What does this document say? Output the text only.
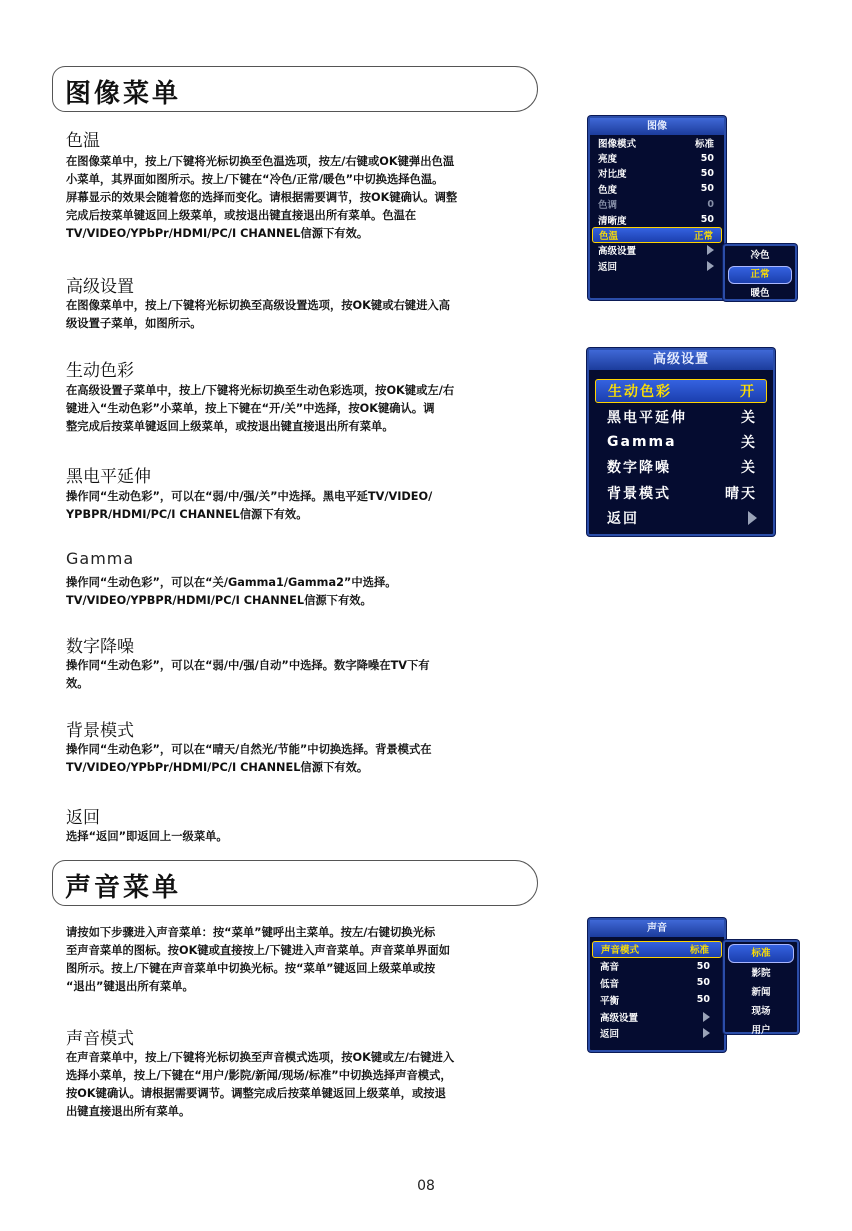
图像菜单
色温
在图像菜单中，按上/下键将光标切换至色温选项，按左/右键或OK键弹出色温
小菜单，其界面如图所示。按上/下键在“冷色/正常/暖色”中切换选择色温。
屏幕显示的效果会随着您的选择而变化。请根据需要调节，按OK键确认。调整
完成后按菜单键返回上级菜单，或按退出键直接退出所有菜单。色温在
TV/VIDEO/YPbPr/HDMI/PC/I CHANNEL信源下有效。
高级设置
在图像菜单中，按上/下键将光标切换至高级设置选项，按OK键或右键进入高
级设置子菜单，如图所示。
生动色彩
在高级设置子菜单中，按上/下键将光标切换至生动色彩选项，按OK键或左/右
键进入“生动色彩”小菜单，按上下键在“开/关”中选择，按OK键确认。调
整完成后按菜单键返回上级菜单，或按退出键直接退出所有菜单。
黑电平延伸
操作同“生动色彩”，可以在“弱/中/强/关”中选择。黑电平延TV/VIDEO/
YPBPR/HDMI/PC/I CHANNEL信源下有效。
Gamma
操作同“生动色彩”，可以在“关/Gamma1/Gamma2”中选择。
TV/VIDEO/YPBPR/HDMI/PC/I CHANNEL信源下有效。
数字降噪
操作同“生动色彩”，可以在“弱/中/强/自动”中选择。数字降噪在TV下有
效。
背景模式
操作同“生动色彩”，可以在“晴天/自然光/节能”中切换选择。背景模式在
TV/VIDEO/YPbPr/HDMI/PC/I CHANNEL信源下有效。
返回
选择“返回”即返回上一级菜单。
声音菜单
请按如下步骤进入声音菜单：按“菜单”键呼出主菜单。按左/右键切换光标
至声音菜单的图标。按OK键或直接按上/下键进入声音菜单。声音菜单界面如
图所示。按上/下键在声音菜单中切换光标。按“菜单”键返回上级菜单或按
“退出”键退出所有菜单。
声音模式
在声音菜单中，按上/下键将光标切换至声音模式选项，按OK键或左/右键进入
选择小菜单，按上/下键在“用户/影院/新闻/现场/标准”中切换选择声音模式，
按OK键确认。请根据需要调节。调整完成后按菜单键返回上级菜单，或按退
出键直接退出所有菜单。
图像
图像模式	标准
亮度	50
对比度	50
色度	50
色调	0
清晰度	50
色温	正常
高级设置
返回
冷色
正常
暖色
高级设置
生动色彩	开
黑电平延伸	关
Gamma	关
数字降噪	关
背景模式	晴天
返回
声音
声音模式	标准
高音	50
低音	50
平衡	50
高级设置
返回
标准
影院
新闻
现场
用户
08
